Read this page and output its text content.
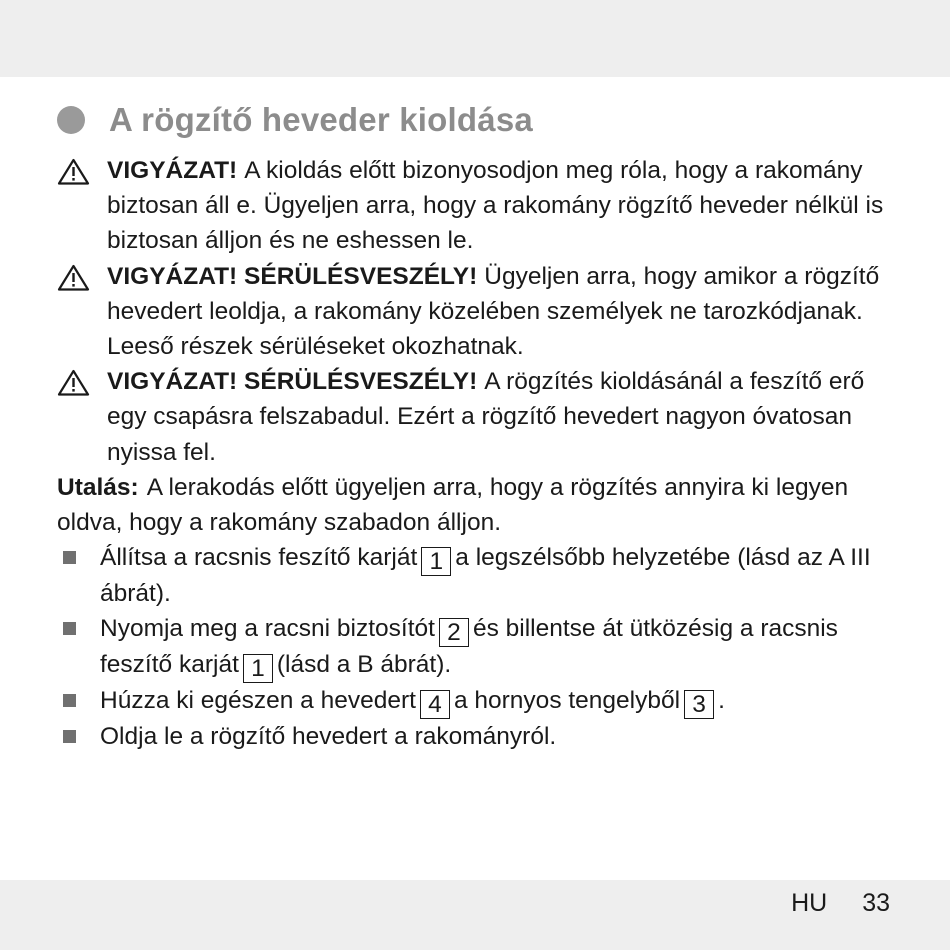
A rögzítő heveder kioldása
VIGYÁZAT! A kioldás előtt bizonyosodjon meg róla, hogy a rakomány biztosan áll e. Ügyeljen arra, hogy a rakomány rögzítő heveder nélkül is biztosan álljon és ne eshessen le.
VIGYÁZAT! SÉRÜLÉSVESZÉLY! Ügyeljen arra, hogy amikor a rögzítő hevedert leoldja, a rakomány közelében személyek ne tarozkódjanak. Leeső részek sérüléseket okozhatnak.
VIGYÁZAT! SÉRÜLÉSVESZÉLY! A rögzítés kioldásánál a feszítő erő egy csapásra felszabadul. Ezért a rögzítő hevedert nagyon óvatosan nyissa fel.
Utalás: A lerakodás előtt ügyeljen arra, hogy a rögzítés annyira ki legyen oldva, hogy a rakomány szabadon álljon.
Állítsa a racsnis feszítő karját 1 a legszélsőbb helyzetébe (lásd az A III ábrát).
Nyomja meg a racsni biztosítót 2 és billentse át ütközésig a racsnis feszítő karját 1 (lásd a B ábrát).
Húzza ki egészen a hevedert 4 a hornyos tengelyből 3 .
Oldja le a rögzítő hevedert a rakományról.
HU 33
